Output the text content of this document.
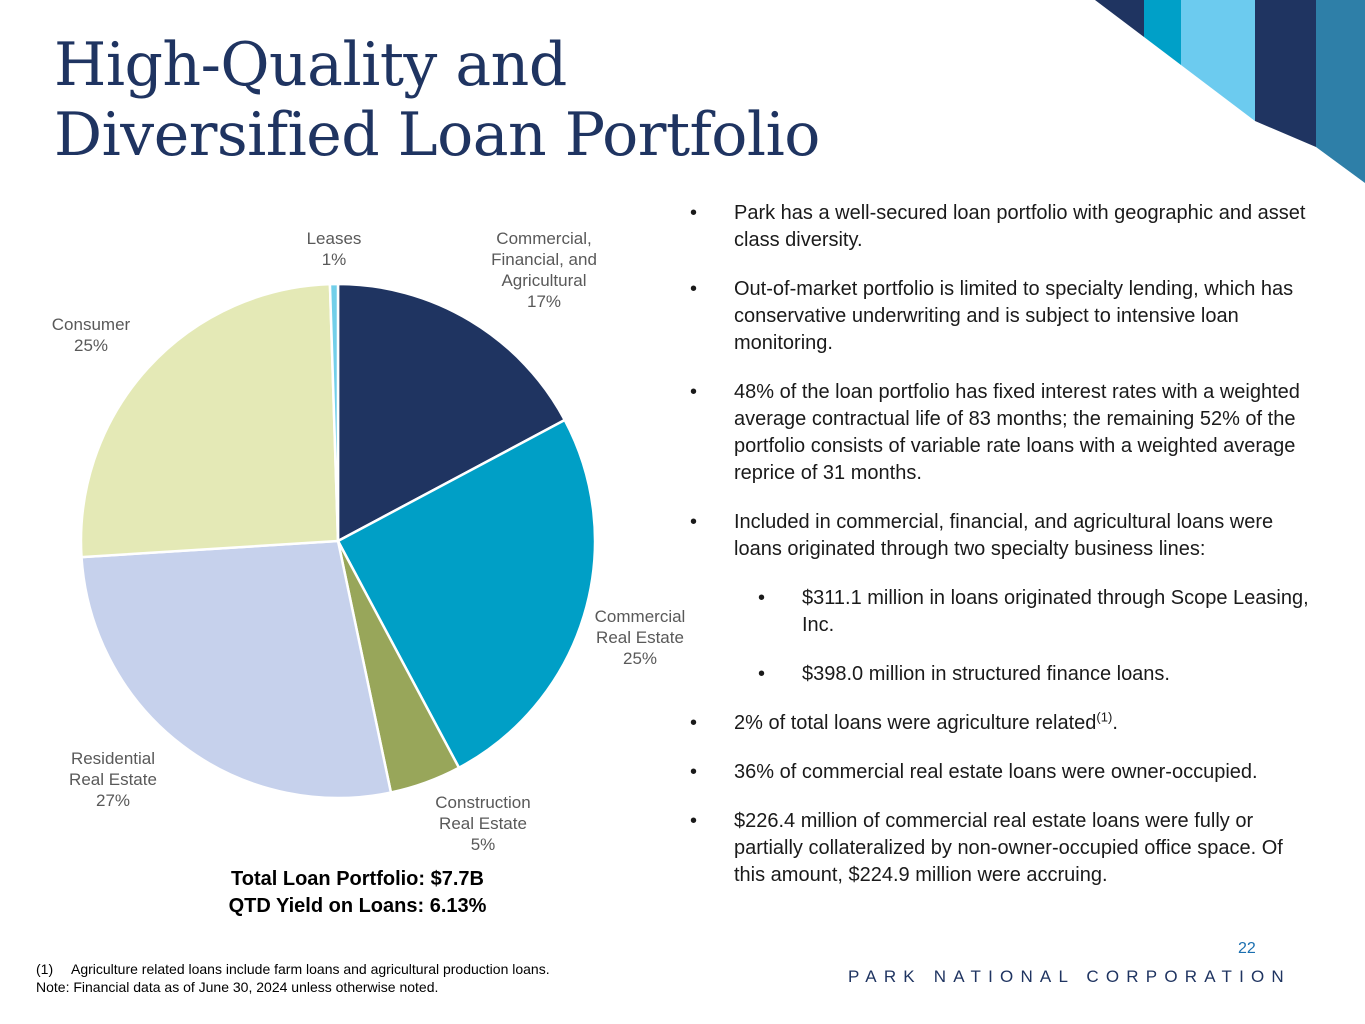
High-Quality and
Diversified Loan Portfolio
Commercial, Financial, and Agricultural 17%
Commercial Real Estate 25%
Construction Real Estate 5%
Residential Real Estate 27%
Consumer 25%
Leases 1%
Total Loan Portfolio: $7.7B
QTD Yield on Loans: 6.13%
• Park has a well-secured loan portfolio with geographic and asset class diversity.
• Out-of-market portfolio is limited to specialty lending, which has conservative underwriting and is subject to intensive loan monitoring.
• 48% of the loan portfolio has fixed interest rates with a weighted average contractual life of 83 months; the remaining 52% of the portfolio consists of variable rate loans with a weighted average reprice of 31 months.
• Included in commercial, financial, and agricultural loans were loans originated through two specialty business lines:
• $311.1 million in loans originated through Scope Leasing, Inc.
• $398.0 million in structured finance loans.
• 2% of total loans were agriculture related$^{(1)}$.
• 36% of commercial real estate loans were owner-occupied.
• $226.4 million of commercial real estate loans were fully or partially collateralized by non-owner-occupied office space. Of this amount, $224.9 million were accruing.
(1) Agriculture related loans include farm loans and agricultural production loans.
Note: Financial data as of June 30, 2024 unless otherwise noted.
22
PARK NATIONAL CORPORATION
